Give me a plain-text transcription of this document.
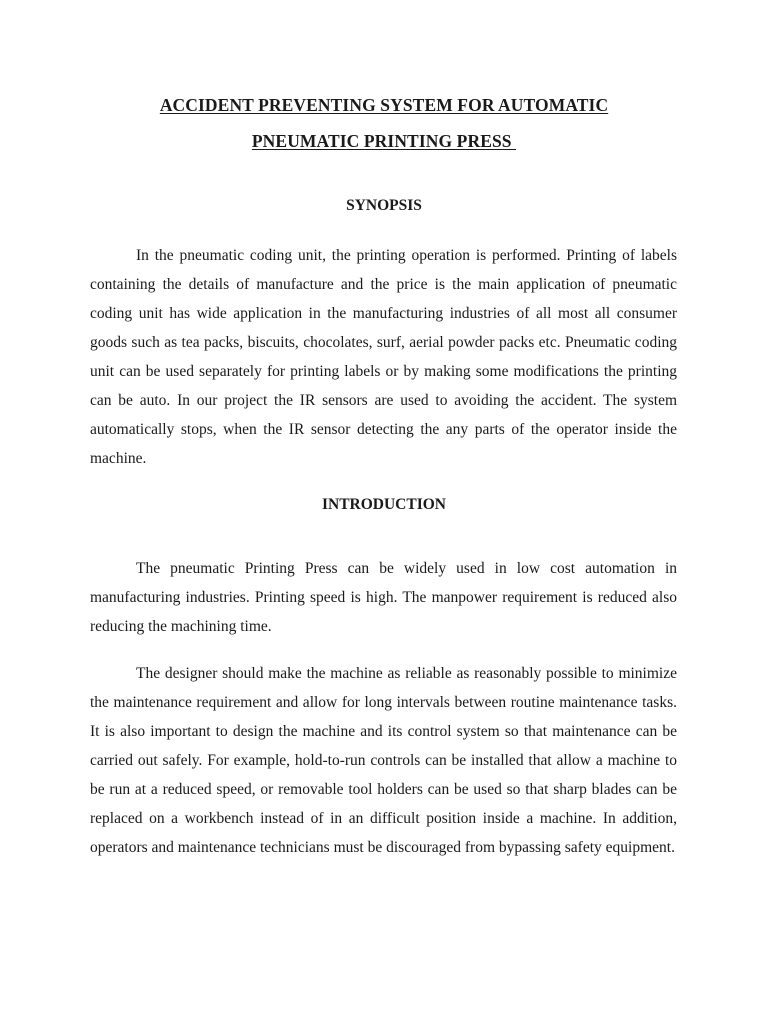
ACCIDENT PREVENTING SYSTEM FOR AUTOMATIC
PNEUMATIC PRINTING PRESS
SYNOPSIS

In the pneumatic coding unit, the printing operation is performed. Printing of labels containing the details of manufacture and the price is the main application of pneumatic coding unit has wide application in the manufacturing industries of all most all consumer goods such as tea packs, biscuits, chocolates, surf, aerial powder packs etc. Pneumatic coding unit can be used separately for printing labels or by making some modifications the printing can be auto. In our project the IR sensors are used to avoiding the accident. The system automatically stops, when the IR sensor detecting the any parts of the operator inside the machine.

INTRODUCTION

The pneumatic Printing Press can be widely used in low cost automation in manufacturing industries. Printing speed is high. The manpower requirement is reduced also reducing the machining time.

The designer should make the machine as reliable as reasonably possible to minimize the maintenance requirement and allow for long intervals between routine maintenance tasks. It is also important to design the machine and its control system so that maintenance can be carried out safely. For example, hold-to-run controls can be installed that allow a machine to be run at a reduced speed, or removable tool holders can be used so that sharp blades can be replaced on a workbench instead of in an difficult position inside a machine. In addition, operators and maintenance technicians must be discouraged from bypassing safety equipment.
